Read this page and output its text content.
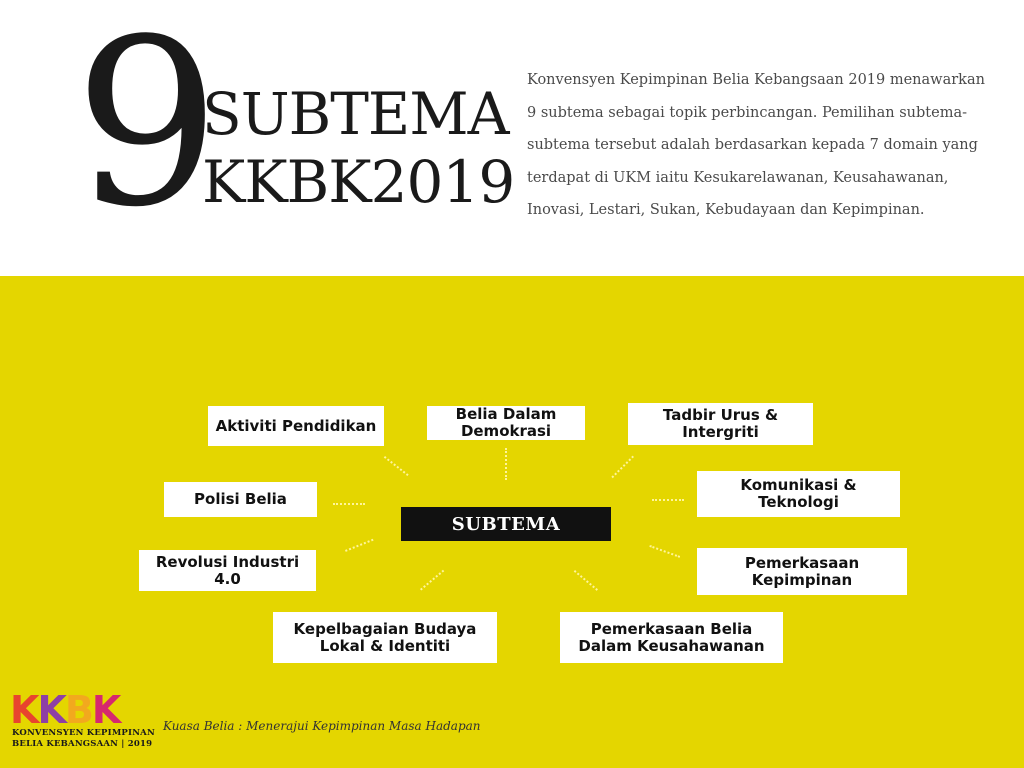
9
SUBTEMA
KKBK2019
Konvensyen Kepimpinan Belia Kebangsaan 2019 menawarkan 9 subtema sebagai topik perbincangan. Pemilihan subtema-subtema tersebut adalah berdasarkan kepada 7 domain yang terdapat di UKM iaitu Kesukarelawanan, Keusahawanan, Inovasi, Lestari, Sukan, Kebudayaan dan Kepimpinan.
Aktiviti Pendidikan
Belia Dalam Demokrasi
Tadbir Urus & Intergriti
Polisi Belia
Komunikasi & Teknologi
Revolusi Industri 4.0
Pemerkasaan Kepimpinan
Kepelbagaian Budaya Lokal & Identiti
Pemerkasaan Belia Dalam Keusahawanan
SUBTEMA
KKBK
KONVENSYEN KEPIMPINAN
BELIA KEBANGSAAN | 2019
Kuasa Belia : Menerajui Kepimpinan Masa Hadapan
